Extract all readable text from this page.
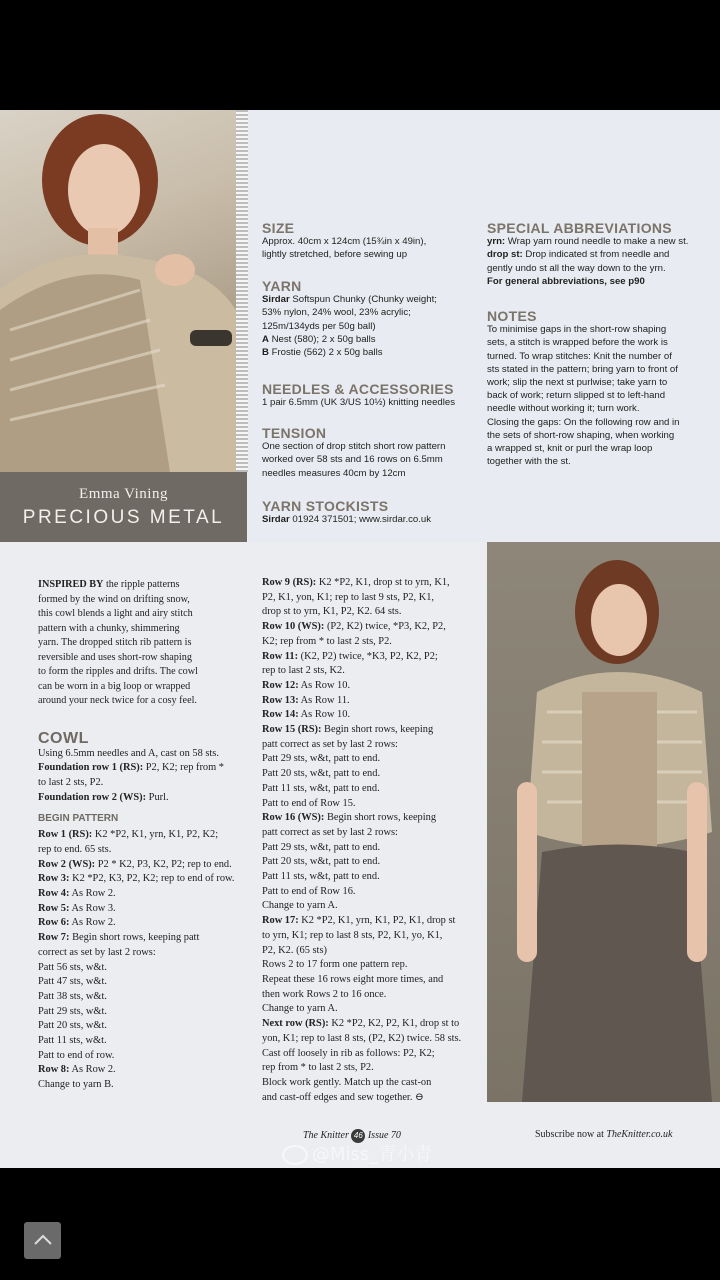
Emma Vining
PRECIOUS METAL
SIZE

Approx. 40cm x 124cm (15¾in x 49in),

lightly stretched, before sewing up

YARN

Sirdar Softspun Chunky (Chunky weight;

53% nylon, 24% wool, 23% acrylic;

125m/134yds per 50g ball)

A Nest (580); 2 x 50g balls

B Frostie (562) 2 x 50g balls

NEEDLES & ACCESSORIES

1 pair 6.5mm (UK 3/US 10½) knitting needles

TENSION

One section of drop stitch short row pattern

worked over 58 sts and 16 rows on 6.5mm

needles measures 40cm by 12cm

YARN STOCKISTS

Sirdar 01924 371501; www.sirdar.co.uk

SPECIAL ABBREVIATIONS

yrn: Wrap yarn round needle to make a new st.

drop st: Drop indicated st from needle and

gently undo st all the way down to the yrn.

For general abbreviations, see p90

NOTES

To minimise gaps in the short-row shaping

sets, a stitch is wrapped before the work is

turned. To wrap stitches: Knit the number of

sts stated in the pattern; bring yarn to front of

work; slip the next st purlwise; take yarn to

back of work; return slipped st to left-hand

needle without working it; turn work.

Closing the gaps: On the following row and in

the sets of short-row shaping, when working

a wrapped st, knit or purl the wrap loop

together with the st.

INSPIRED BY the ripple patterns
formed by the wind on drifting snow,
this cowl blends a light and airy stitch
pattern with a chunky, shimmering
yarn. The dropped stitch rib pattern is
reversible and uses short-row shaping
to form the ripples and drifts. The cowl
can be worn in a big loop or wrapped
around your neck twice for a cosy feel.
COWL
Using 6.5mm needles and A, cast on 58 sts.
Foundation row 1 (RS): P2, K2; rep from *
to last 2 sts, P2.
Foundation row 2 (WS): Purl.
BEGIN PATTERN
Row 1 (RS): K2 *P2, K1, yrn, K1, P2, K2;
rep to end. 65 sts.
Row 2 (WS): P2 * K2, P3, K2, P2; rep to end.
Row 3: K2 *P2, K3, P2, K2; rep to end of row.
Row 4: As Row 2.
Row 5: As Row 3.
Row 6: As Row 2.
Row 7: Begin short rows, keeping patt
correct as set by last 2 rows:
Patt 56 sts, w&t.
Patt 47 sts, w&t.
Patt 38 sts, w&t.
Patt 29 sts, w&t.
Patt 20 sts, w&t.
Patt 11 sts, w&t.
Patt to end of row.
Row 8: As Row 2.
Change to yarn B.
Row 9 (RS): K2 *P2, K1, drop st to yrn, K1,
P2, K1, yon, K1; rep to last 9 sts, P2, K1,
drop st to yrn, K1, P2, K2. 64 sts.
Row 10 (WS): (P2, K2) twice, *P3, K2, P2,
K2; rep from * to last 2 sts, P2.
Row 11: (K2, P2) twice, *K3, P2, K2, P2;
rep to last 2 sts, K2.
Row 12: As Row 10.
Row 13: As Row 11.
Row 14: As Row 10.
Row 15 (RS): Begin short rows, keeping
patt correct as set by last 2 rows:
Patt 29 sts, w&t, patt to end.
Patt 20 sts, w&t, patt to end.
Patt 11 sts, w&t, patt to end.
Patt to end of Row 15.
Row 16 (WS): Begin short rows, keeping
patt correct as set by last 2 rows:
Patt 29 sts, w&t, patt to end.
Patt 20 sts, w&t, patt to end.
Patt 11 sts, w&t, patt to end.
Patt to end of Row 16.
Change to yarn A.
Row 17: K2 *P2, K1, yrn, K1, P2, K1, drop st
to yrn, K1; rep to last 8 sts, P2, K1, yo, K1,
P2, K2. (65 sts)
Rows 2 to 17 form one pattern rep.
Repeat these 16 rows eight more times, and
then work Rows 2 to 16 once.
Change to yarn A.
Next row (RS): K2 *P2, K2, P2, K1, drop st to
yon, K1; rep to last 8 sts, (P2, K2) twice. 58 sts.
Cast off loosely in rib as follows: P2, K2;
rep from * to last 2 sts, P2.
Block work gently. Match up the cast-on
and cast-off edges and sew together. ⊖
The Knitter 46 Issue 70	Subscribe now at TheKnitter.co.uk
@Miss_青小青
